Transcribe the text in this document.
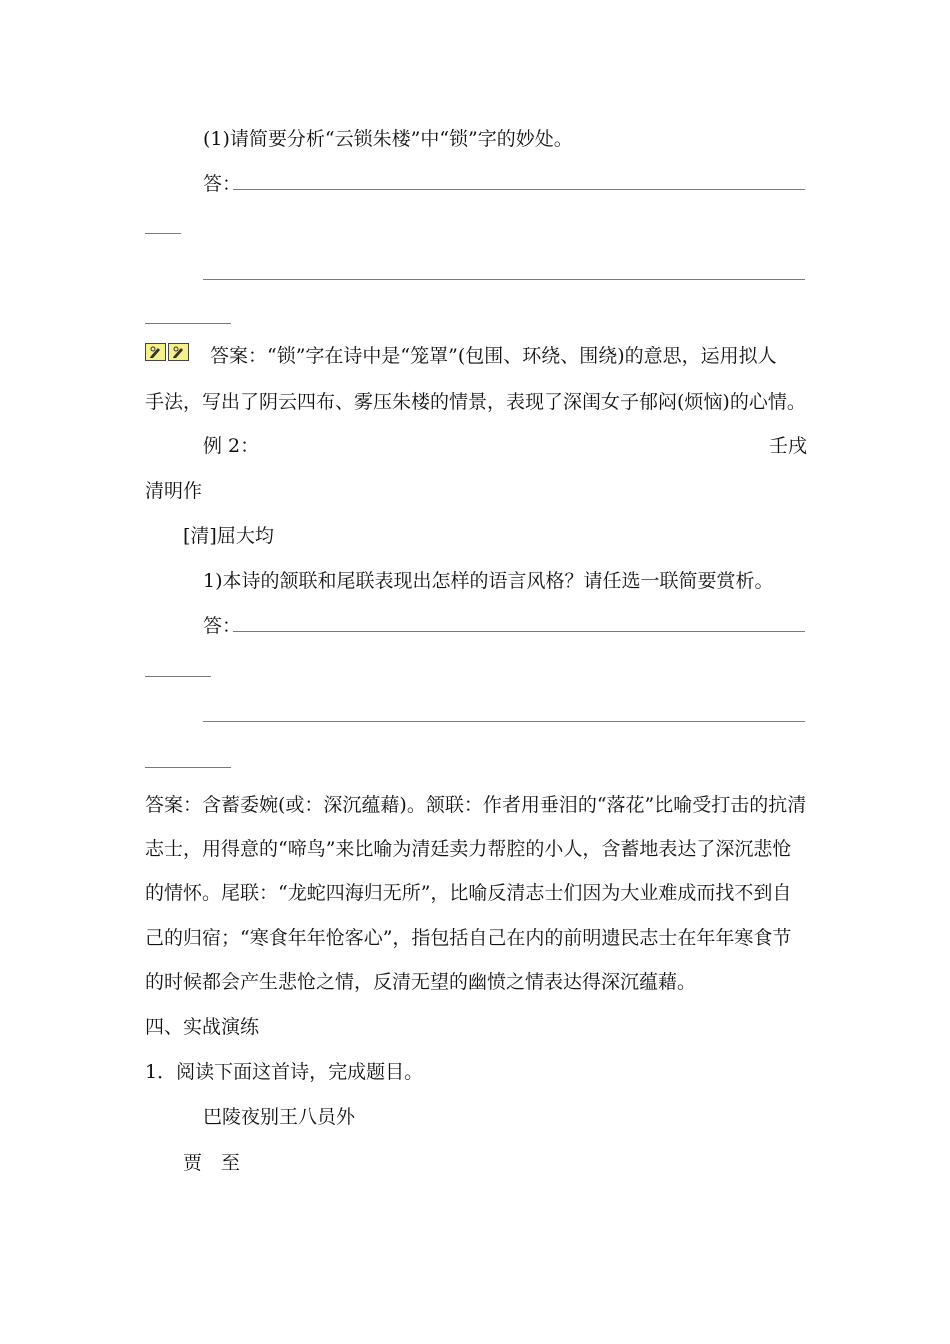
(1)请简要分析“云锁朱楼”中“锁”字的妙处。
答：
答案：“锁”字在诗中是“笼罩”(包围、环绕、围绕)的意思，运用拟人
手法，写出了阴云四布、雾压朱楼的情景，表现了深闺女子郁闷(烦恼)的心情。
例 2：	壬戌
清明作
[清]屈大均
1)本诗的颔联和尾联表现出怎样的语言风格？请任选一联简要赏析。
答：
答案：含蓄委婉(或：深沉蕴藉)。颔联：作者用垂泪的“落花”比喻受打击的抗清
志士，用得意的“啼鸟”来比喻为清廷卖力帮腔的小人，含蓄地表达了深沉悲怆
的情怀。尾联：“龙蛇四海归无所”，比喻反清志士们因为大业难成而找不到自
己的归宿；“寒食年年怆客心”，指包括自己在内的前明遗民志士在年年寒食节
的时候都会产生悲怆之情，反清无望的幽愤之情表达得深沉蕴藉。
四、实战演练
1．阅读下面这首诗，完成题目。
巴陵夜别王八员外
贾　至
